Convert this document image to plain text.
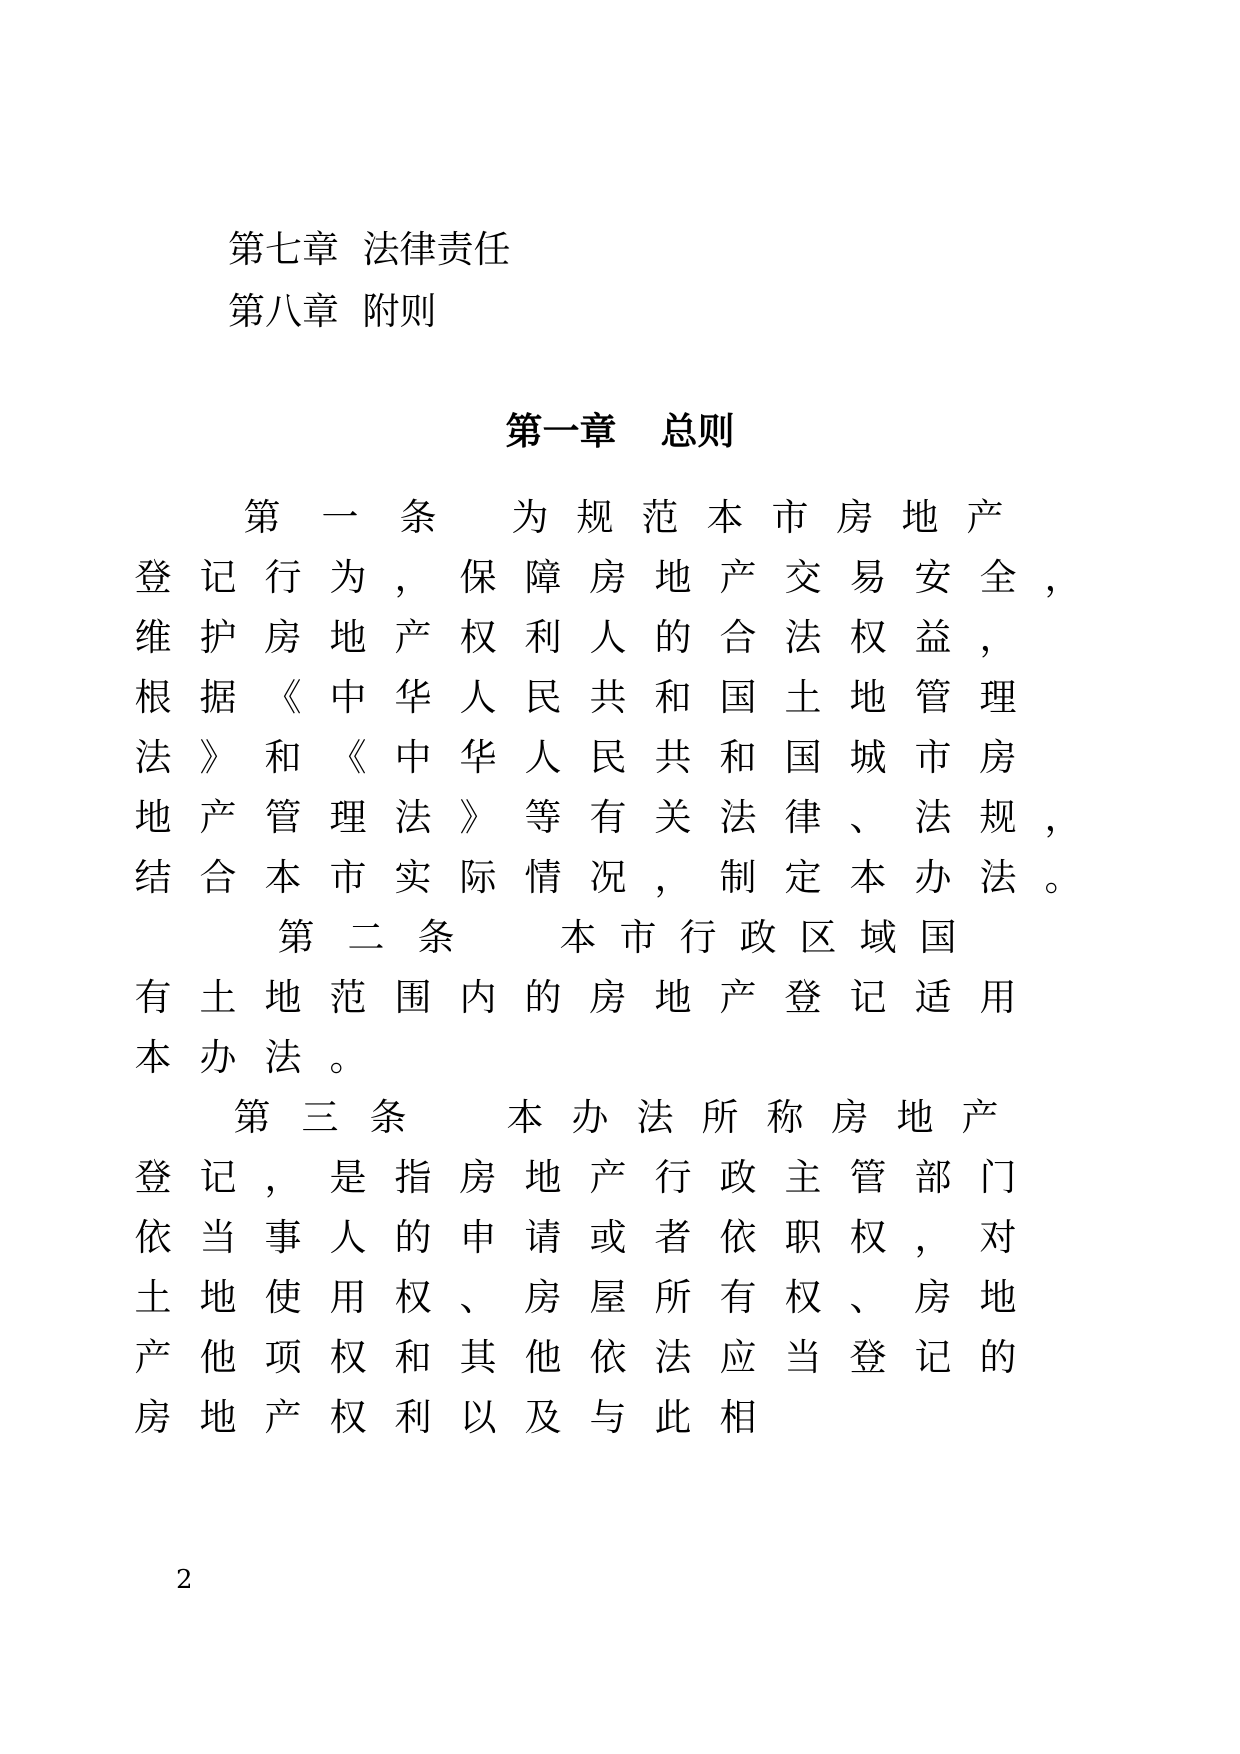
第七章  法律责任

第八章  附则

第一章 总则

第 一 条 为 规 范 本 市 房 地 产

登 记 行 为 ， 保 障 房 地 产 交 易 安 全 ，

维 护 房 地 产 权 利 人 的 合 法 权 益 ，

根 据 《 中 华 人 民 共 和 国 土 地 管 理

法 》 和 《 中 华 人 民 共 和 国 城 市 房

地 产 管 理 法 》 等 有 关 法 律 、 法 规 ，

结 合 本 市 实 际 情 况 ， 制 定 本 办 法 。

第 二 条	本 市 行 政 区 域 国

有 土 地 范 围 内 的 房 地 产 登 记 适 用

本 办 法 。

第 三 条	本 办 法 所 称 房 地 产

登 记 ， 是 指 房 地 产 行 政 主 管 部 门

依 当 事 人 的 申 请 或 者 依 职 权 ， 对

土 地 使 用 权 、 房 屋 所 有 权 、 房 地

产 他 项 权 和 其 他 依 法 应 当 登 记 的

房 地 产 权 利 以 及 与 此 相

2
